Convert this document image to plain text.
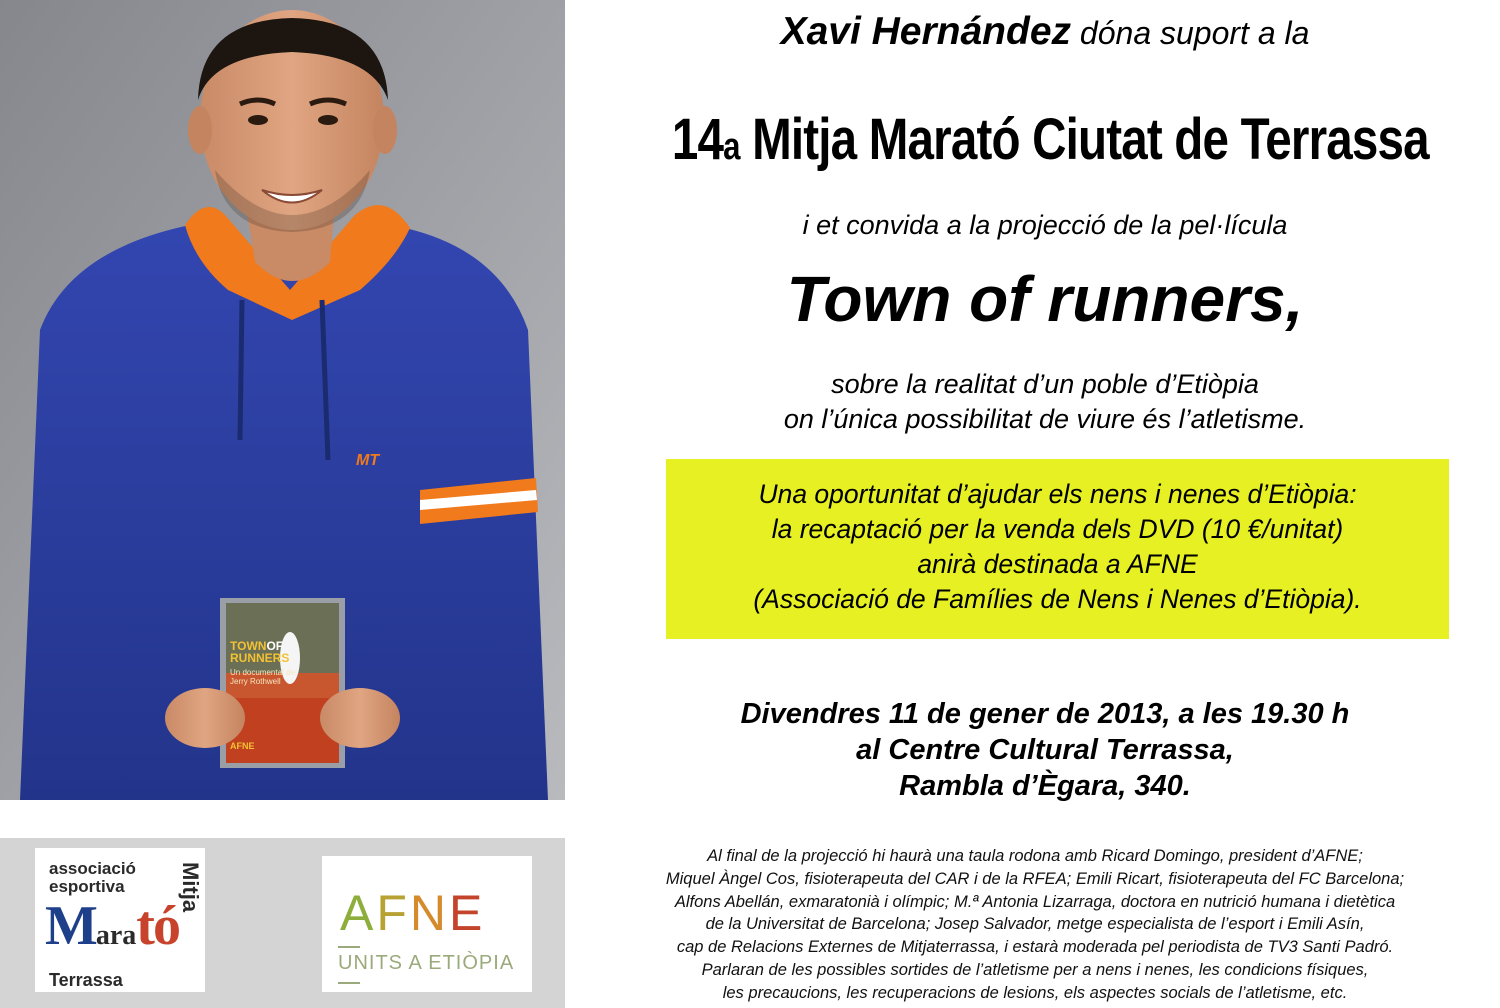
TOWNOF
RUNNERS
Un documental de Jerry Rothwell
AFNE
MT
associació
esportiva
Marató
Terrassa
Mitja	AFNE
UNITS A ETIÒPIA
Xavi Hernández dóna suport a la
14a Mitja Marató Ciutat de Terrassa
i et convida a la projecció de la pel·lícula
Town of runners,
sobre la realitat d’un poble d’Etiòpia
on l’única possibilitat de viure és l’atletisme.
Una oportunitat d’ajudar els nens i nenes d’Etiòpia:
la recaptació per la venda dels DVD (10 €/unitat)
anirà destinada a AFNE
(Associació de Famílies de Nens i Nenes d’Etiòpia).
Divendres 11 de gener de 2013, a les 19.30 h
al Centre Cultural Terrassa,
Rambla d’Ègara, 340.
Al final de la projecció hi haurà una taula rodona amb Ricard Domingo, president d’AFNE;
Miquel Àngel Cos, fisioterapeuta del CAR i de la RFEA; Emili Ricart, fisioterapeuta del FC Barcelona;
Alfons Abellán, exmaratonià i olímpic; M.ª Antonia Lizarraga, doctora en nutrició humana i dietètica
de la Universitat de Barcelona; Josep Salvador, metge especialista de l’esport i Emili Asín,
cap de Relacions Externes de Mitjaterrassa, i estarà moderada pel periodista de TV3 Santi Padró.
Parlaran de les possibles sortides de l’atletisme per a nens i nenes, les condicions físiques,
les precaucions, les recuperacions de lesions, els aspectes socials de l’atletisme, etc.
